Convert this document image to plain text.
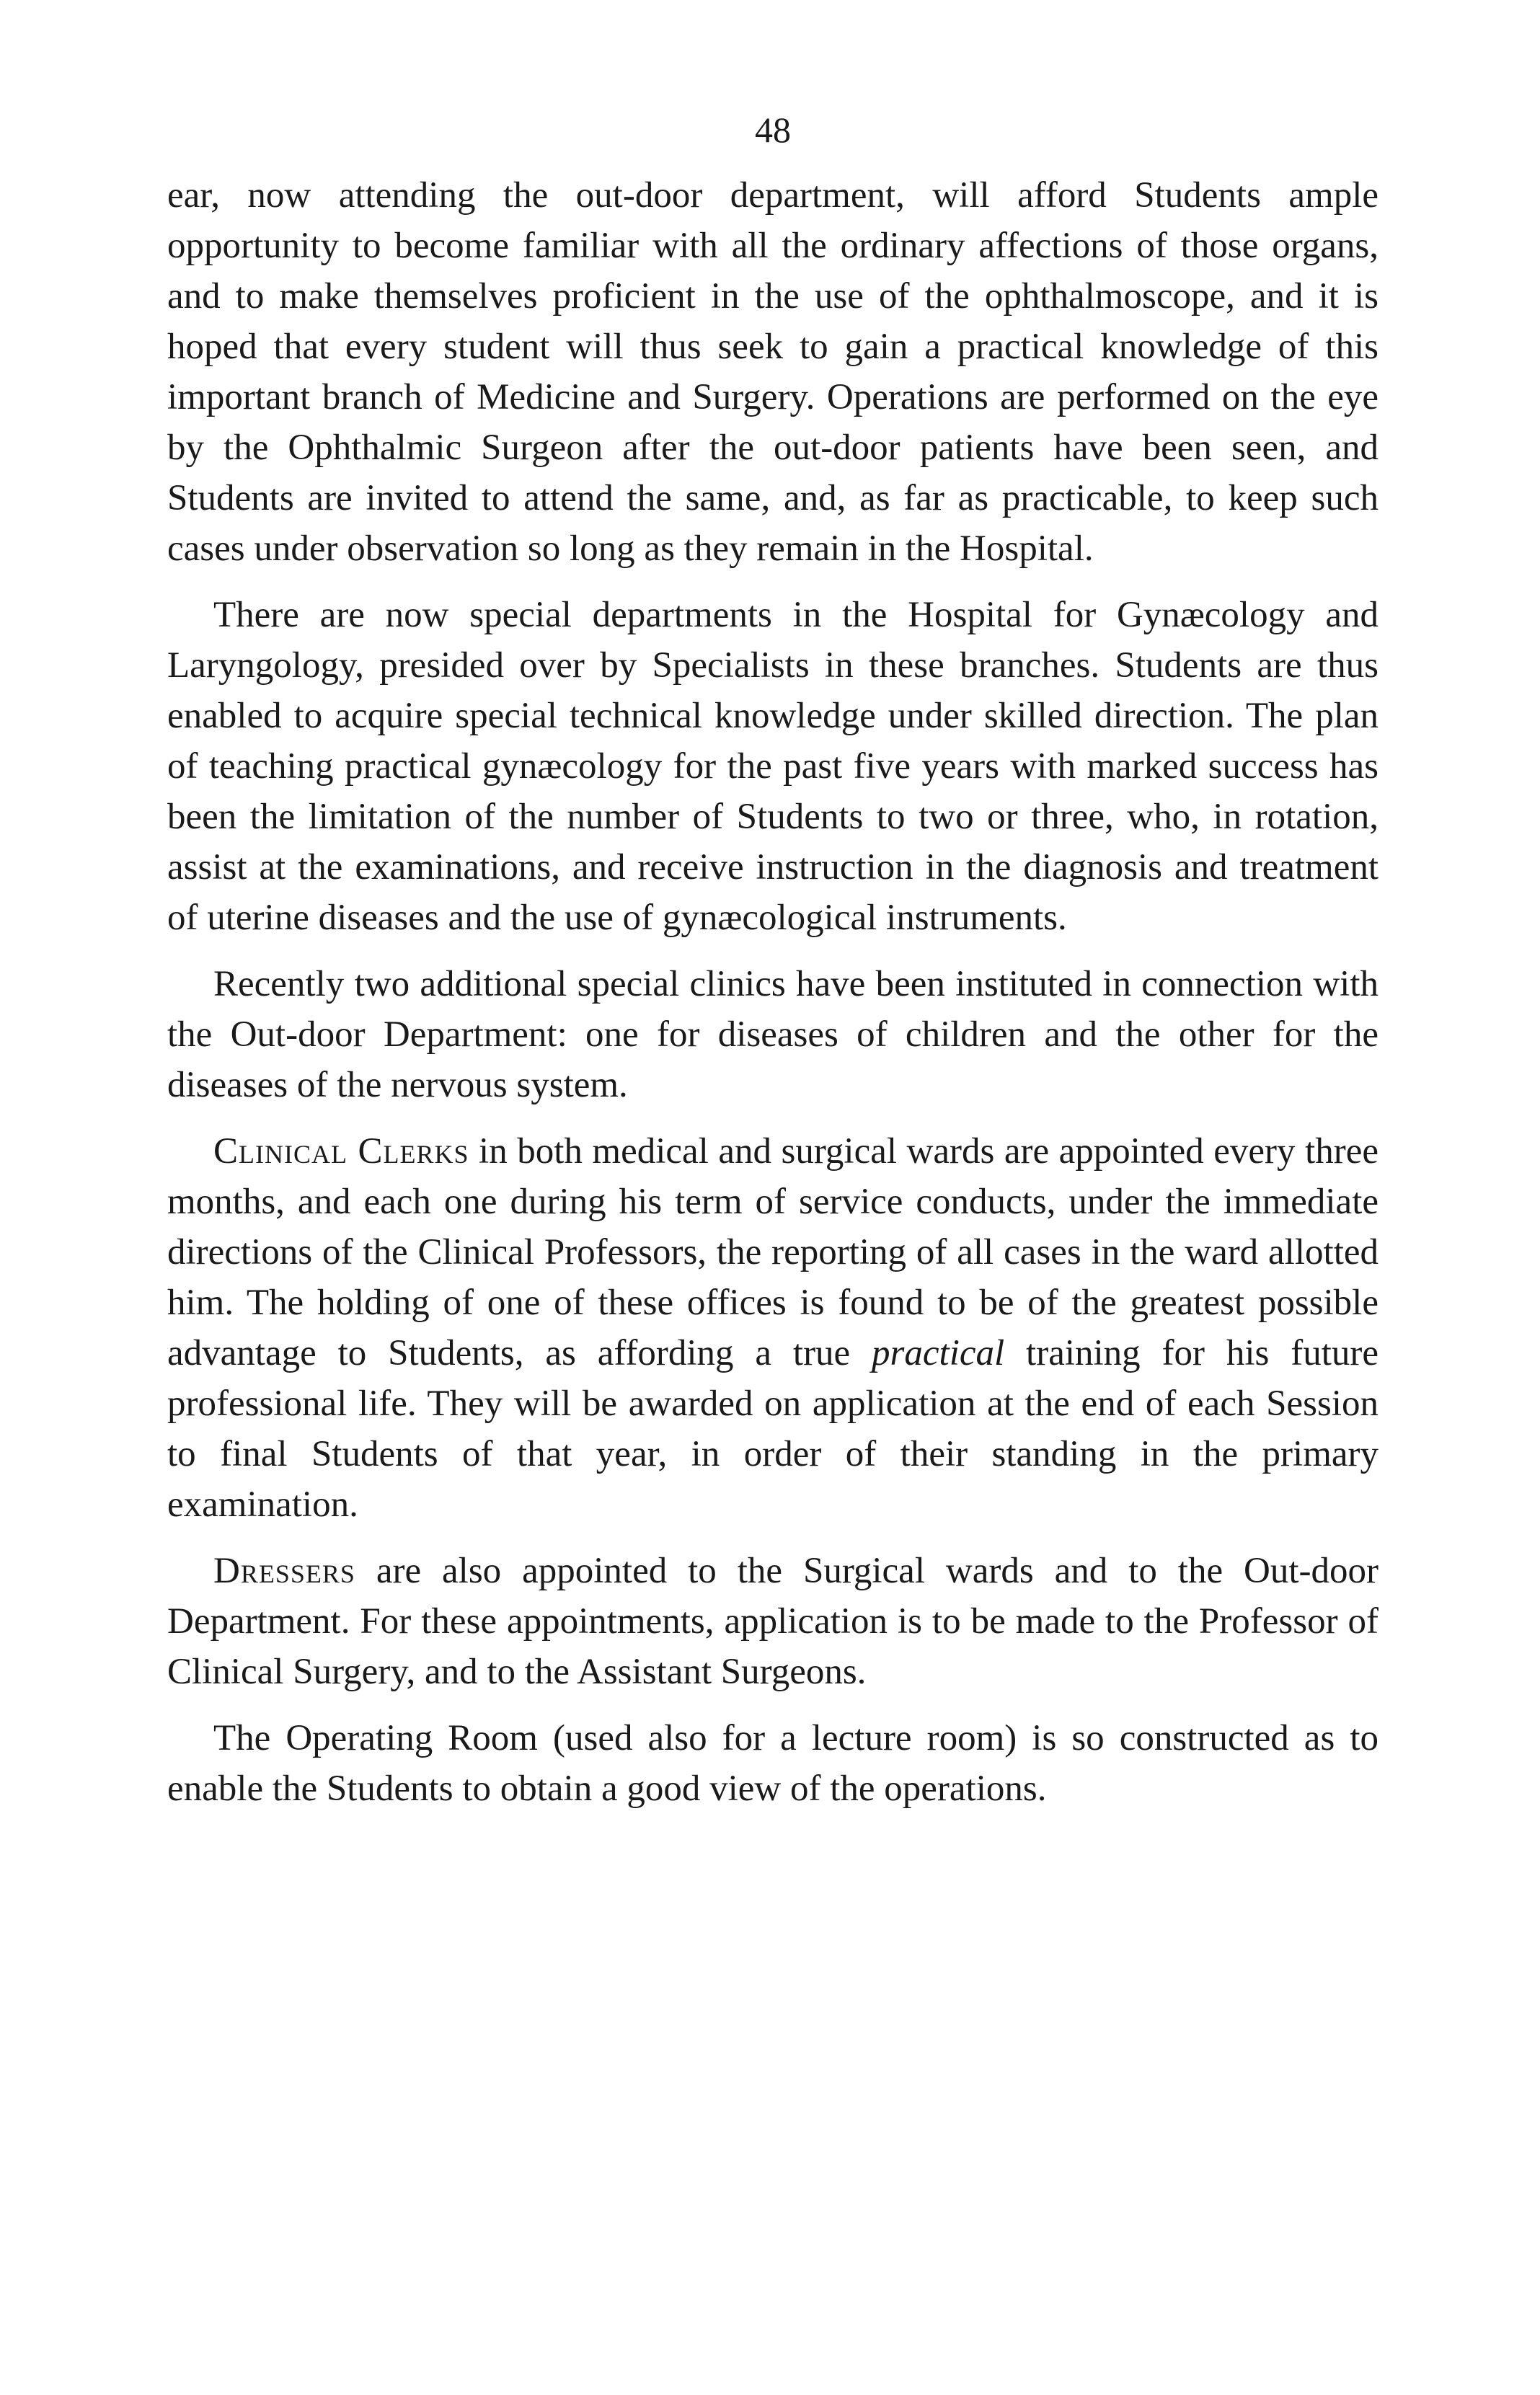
48

ear, now attending the out-door department, will afford Students ample opportunity to become familiar with all the ordinary affections of those organs, and to make themselves proficient in the use of the ophthalmoscope, and it is hoped that every student will thus seek to gain a practical knowledge of this important branch of Medicine and Surgery. Operations are performed on the eye by the Ophthalmic Surgeon after the out-door patients have been seen, and Students are invited to attend the same, and, as far as practicable, to keep such cases under observation so long as they remain in the Hospital.

There are now special departments in the Hospital for Gynæcology and Laryngology, presided over by Specialists in these branches. Students are thus enabled to acquire special technical knowledge under skilled direction. The plan of teaching practical gynæcology for the past five years with marked success has been the limitation of the number of Students to two or three, who, in rotation, assist at the examinations, and receive instruction in the diagnosis and treatment of uterine diseases and the use of gynæcological instruments.

Recently two additional special clinics have been instituted in connection with the Out-door Department: one for diseases of children and the other for the diseases of the nervous system.

Clinical Clerks in both medical and surgical wards are appointed every three months, and each one during his term of service conducts, under the immediate directions of the Clinical Professors, the reporting of all cases in the ward allotted him. The holding of one of these offices is found to be of the greatest possible advantage to Students, as affording a true practical training for his future professional life. They will be awarded on application at the end of each Session to final Students of that year, in order of their standing in the primary examination.

Dressers are also appointed to the Surgical wards and to the Out-door Department. For these appointments, application is to be made to the Professor of Clinical Surgery, and to the Assistant Surgeons.

The Operating Room (used also for a lecture room) is so constructed as to enable the Students to obtain a good view of the operations.
